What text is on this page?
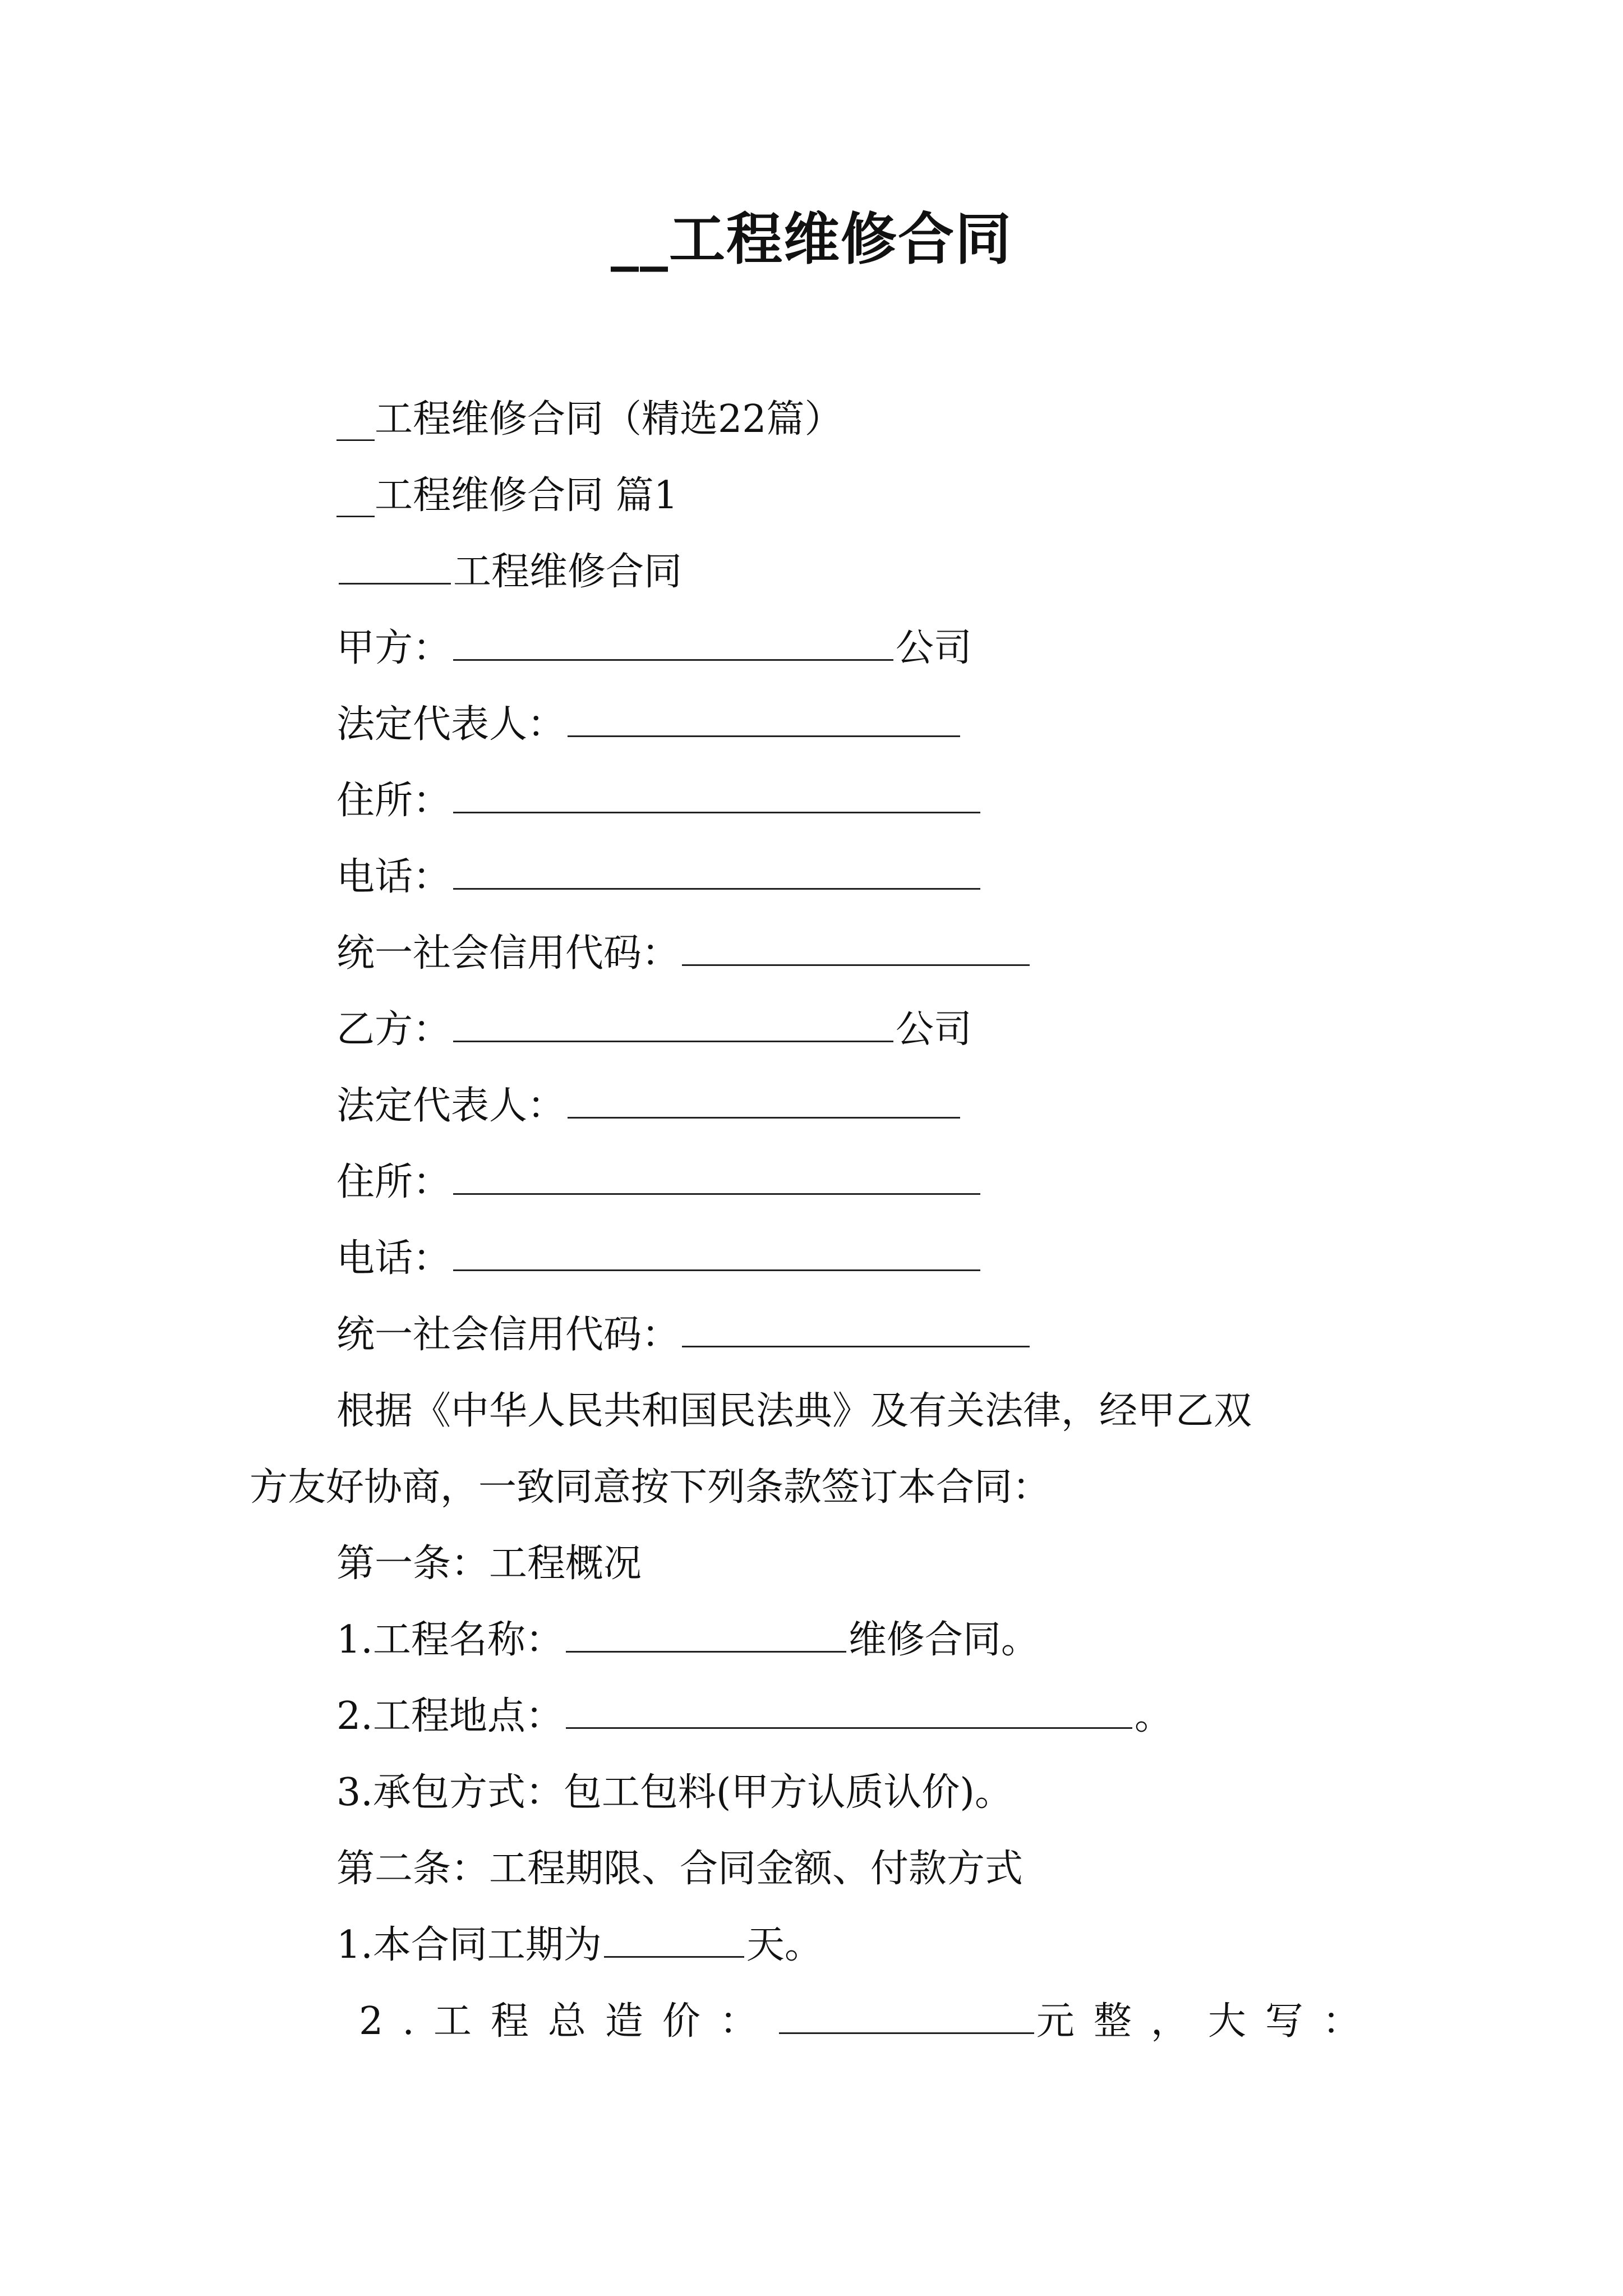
__工程维修合同
__工程维修合同（精选22篇）
__工程维修合同 篇1
工程维修合同
甲方：	公司
法定代表人：
住所：
电话：
统一社会信用代码：
乙方：	公司
法定代表人：
住所：
电话：
统一社会信用代码：
根据《中华人民共和国民法典》及有关法律，经甲乙双
方友好协商，一致同意按下列条款签订本合同：
第一条：工程概况
1.工程名称：	维修合同。
2.工程地点：	。
3.承包方式：包工包料(甲方认质认价)。
第二条：工程期限、合同金额、付款方式
1.本合同工期为	天。
2.工程总造价：	元整，大写：
